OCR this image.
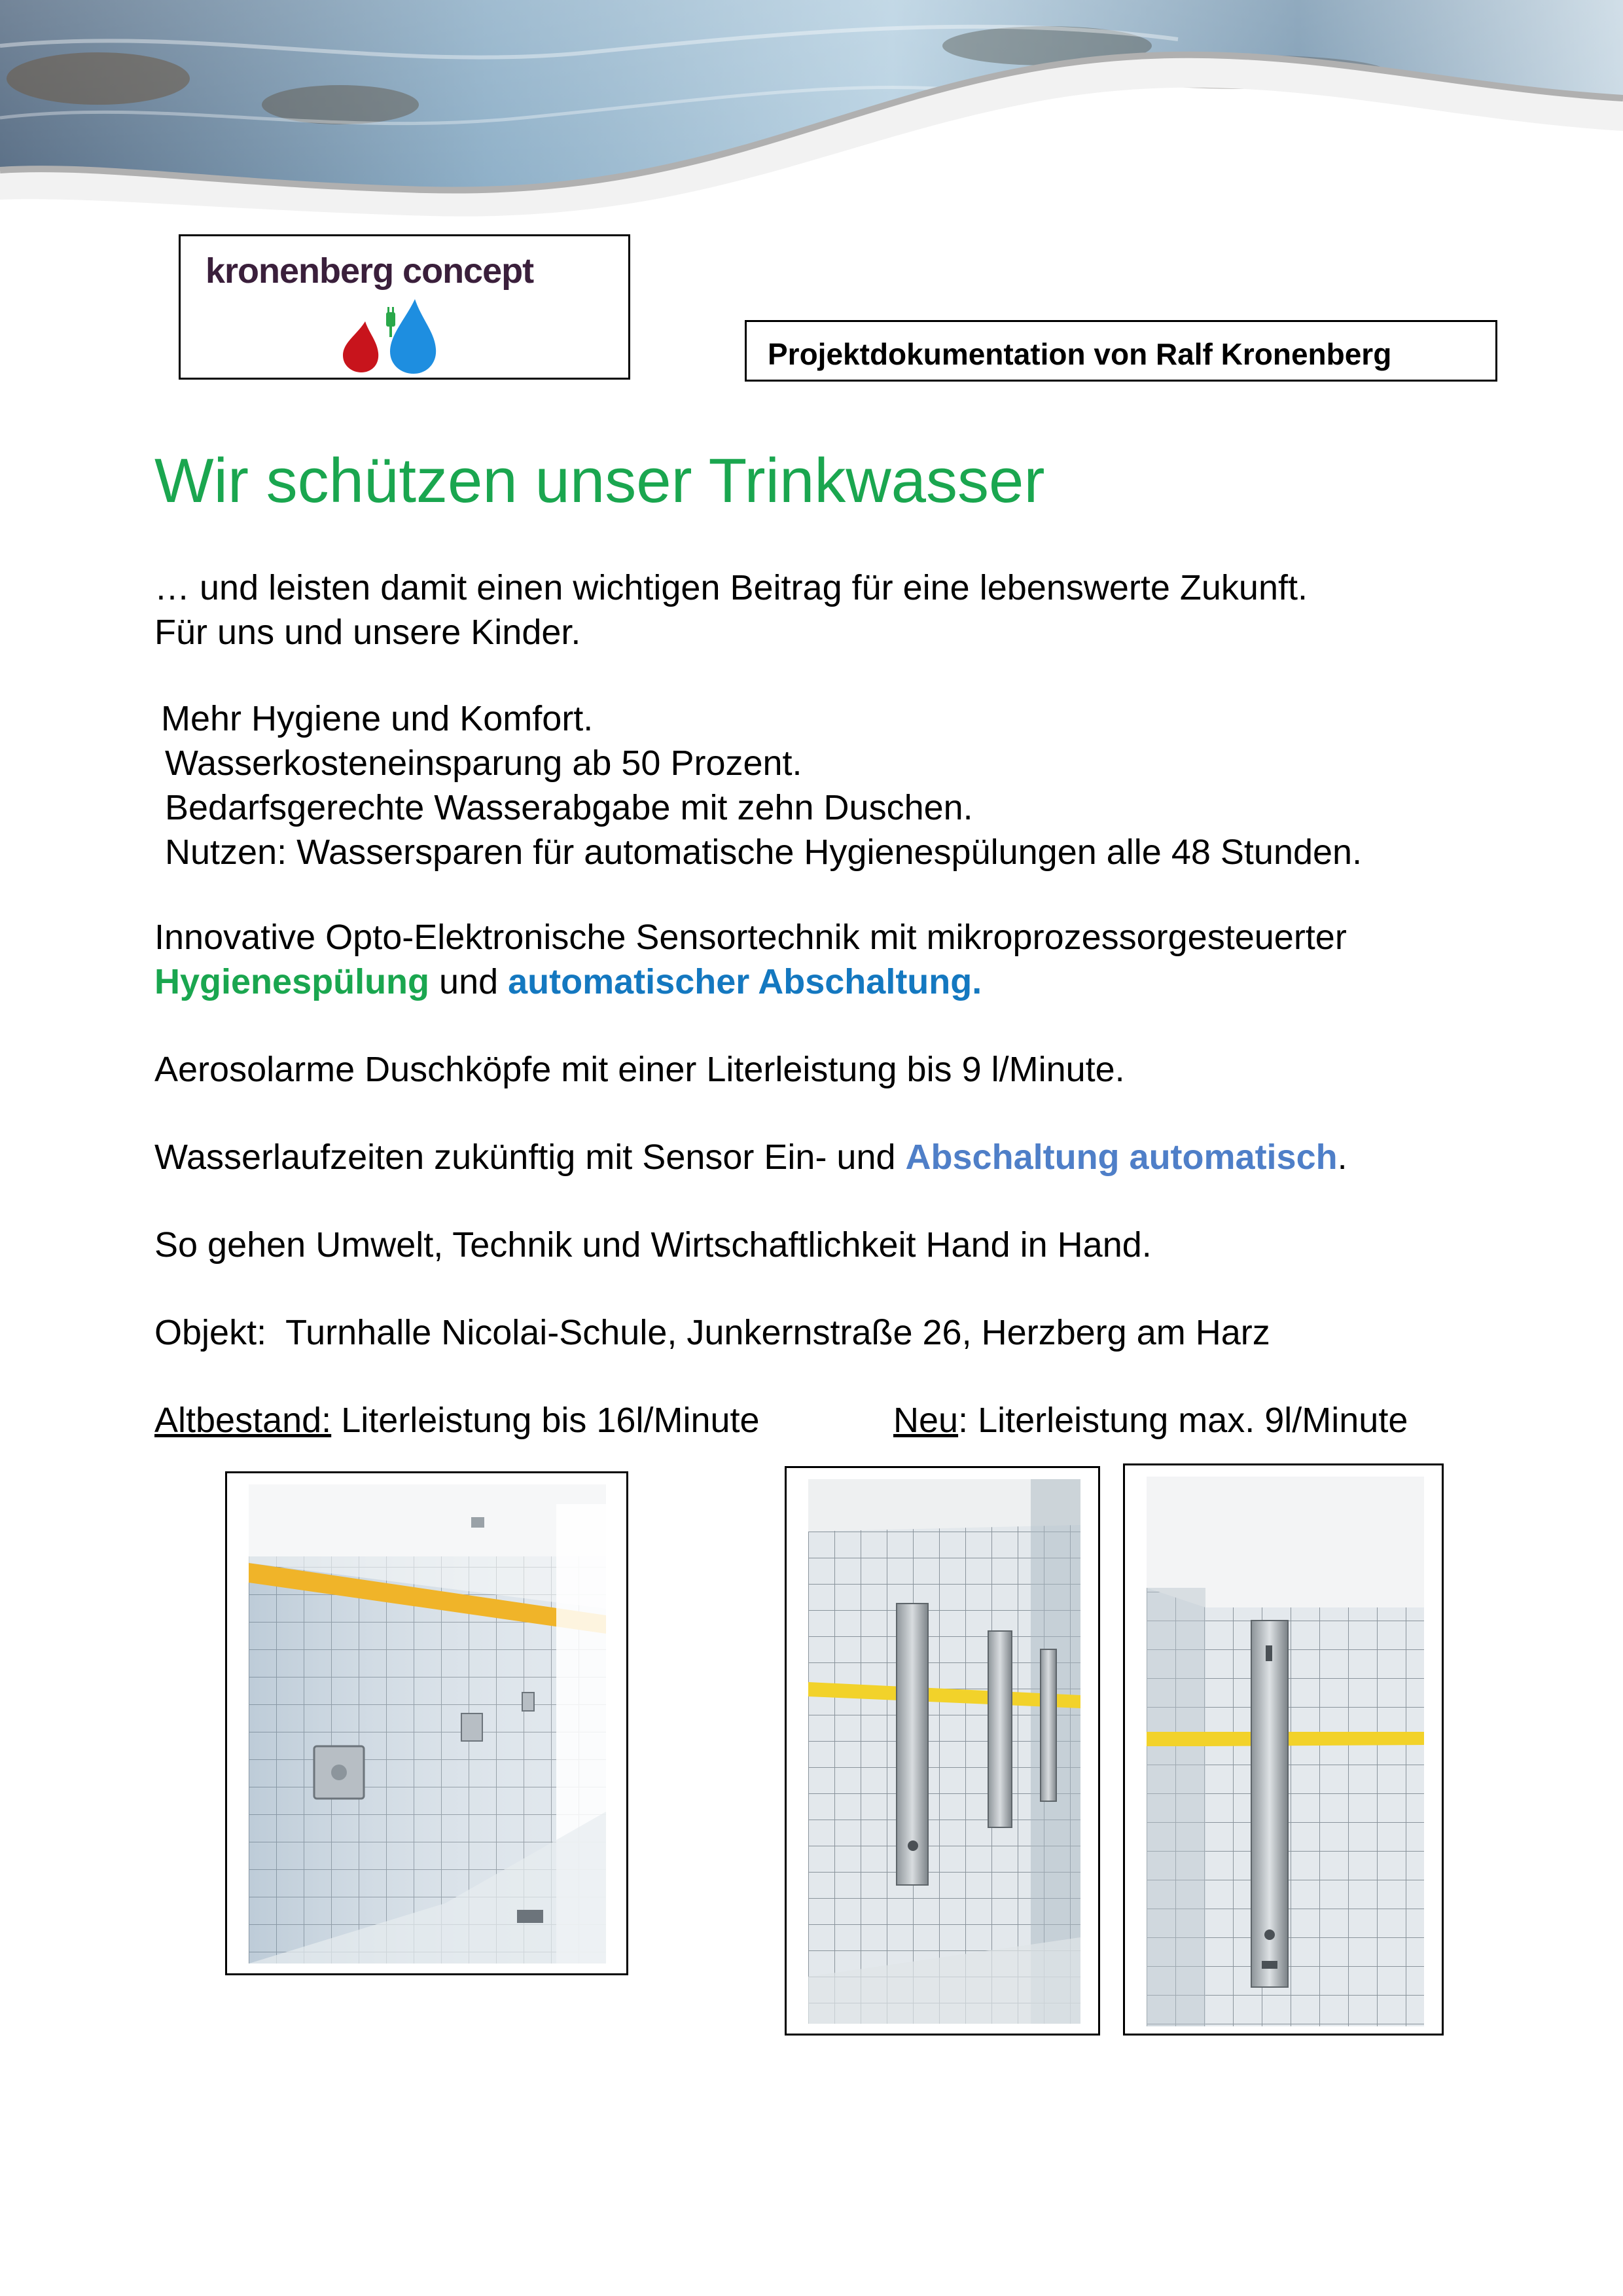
kronenberg concept
Projektdokumentation von Ralf Kronenberg
Wir schützen unser Trinkwasser
… und leisten damit einen wichtigen Beitrag für eine lebenswerte Zukunft.
Für uns und unsere Kinder.
Mehr Hygiene und Komfort.
Wasserkosteneinsparung ab 50 Prozent.
Bedarfsgerechte Wasserabgabe mit zehn Duschen.
Nutzen: Wassersparen für automatische Hygienespülungen alle 48 Stunden.
Innovative Opto-Elektronische Sensortechnik mit mikroprozessorgesteuerter
Hygienespülung und automatischer Abschaltung.
Aerosolarme Duschköpfe mit einer Literleistung bis 9 l/Minute.
Wasserlaufzeiten zukünftig mit Sensor Ein- und Abschaltung automatisch.
So gehen Umwelt, Technik und Wirtschaftlichkeit Hand in Hand.
Objekt:  Turnhalle Nicolai-Schule, Junkernstraße 26, Herzberg am Harz
Altbestand: Literleistung bis 16l/Minute	Neu: Literleistung max. 9l/Minute
